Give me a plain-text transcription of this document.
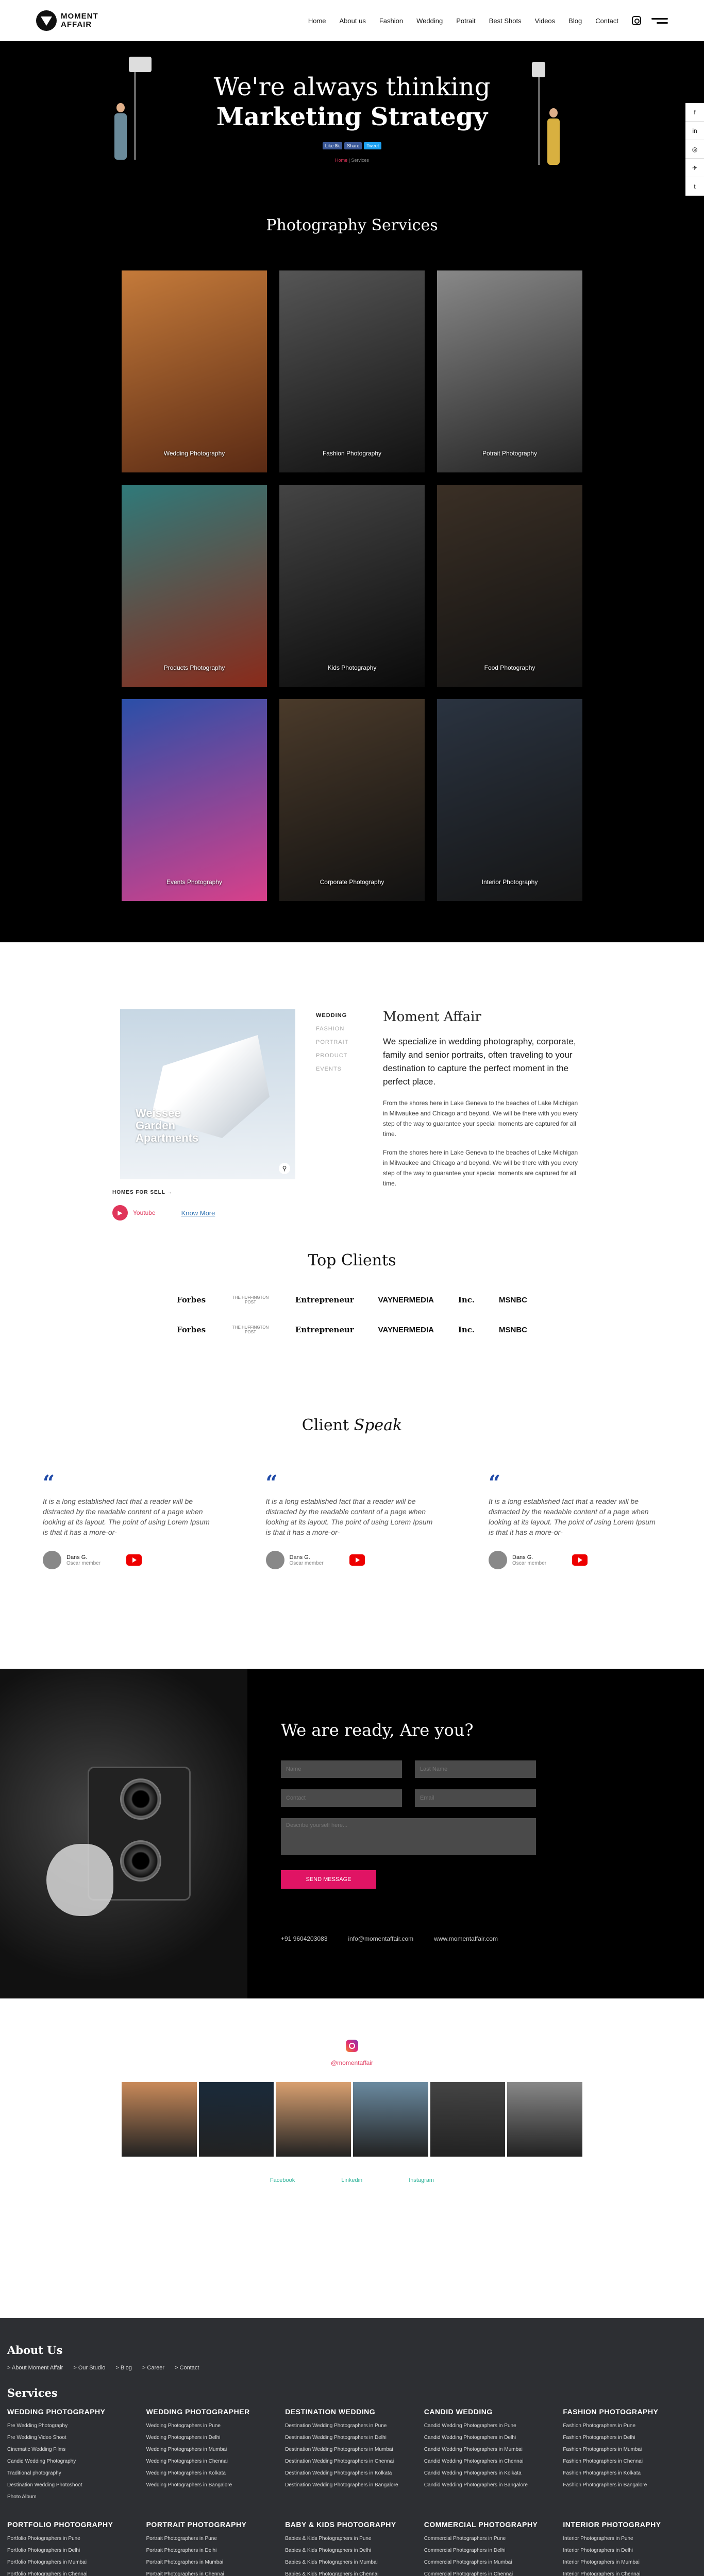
MOMENT
AFFAIR	Home About us Fashion Wedding Potrait Best Shots Videos Blog Contact
We're always thinking
Marketing Strategy
Like 8k	Share	Tweet
Home | Services
f
in
◎
✈
t
Photography Services
Wedding Photography	Fashion Photography	Potrait Photography
Products Photography	Kids Photography	Food Photography
Events Photography	Corporate Photography	Interior Photography
Weissee
Garden
Apartments
⚲
WEDDING
FASHION
PORTRAIT
PRODUCT
EVENTS
Moment Affair
We specialize in wedding photography, corporate, family and senior portraits, often traveling to your destination to capture the perfect moment in the perfect place.

From the shores here in Lake Geneva to the beaches of Lake Michigan in Milwaukee and Chicago and beyond. We will be there with you every step of the way to guarantee your special moments are captured for all time.

From the shores here in Lake Geneva to the beaches of Lake Michigan in Milwaukee and Chicago and beyond. We will be there with you every step of the way to guarantee your special moments are captured for all time.

HOMES FOR SELL →
▶	Youtube	Know More
Top Clients
Forbes	THE HUFFINGTON POST	Entrepreneur	VAYNERMEDIA	Inc.	MSNBC
Forbes	THE HUFFINGTON POST	Entrepreneur	VAYNERMEDIA	Inc.	MSNBC
Client Speak
“

It is a long established fact that a reader will be distracted by the readable content of a page when looking at its layout. The point of using Lorem Ipsum is that it has a more-or-

Dans G.
Oscar member
“

It is a long established fact that a reader will be distracted by the readable content of a page when looking at its layout. The point of using Lorem Ipsum is that it has a more-or-

Dans G.
Oscar member
“

It is a long established fact that a reader will be distracted by the readable content of a page when looking at its layout. The point of using Lorem Ipsum is that it has a more-or-

Dans G.
Oscar member
We are ready, Are you?
Name
Last Name
Contact
Email
Describe yourself here...
SEND MESSAGE
+91 9604203083	info@momentaffair.com	www.momentaffair.com
@momentaffair
Facebook	Linkedin	Instagram
About Us
> About Moment Affair	> Our Studio	> Blog	> Career	> Contact
Services
WEDDING PHOTOGRAPHY
Pre Wedding Photography
Pre Wedding Video Shoot
Cinematic Wedding Films
Candid Wedding Photography
Traditional photography
Destination Wedding Photoshoot
Photo Album
WEDDING PHOTOGRAPHER
Wedding Photographers in Pune
Wedding Photographers in Delhi
Wedding Photographers in Mumbai
Wedding Photographers in Chennai
Wedding Photographers in Kolkata
Wedding Photographers in Bangalore
DESTINATION WEDDING
Destination Wedding Photographers in Pune
Destination Wedding Photographers in Delhi
Destination Wedding Photographers in Mumbai
Destination Wedding Photographers in Chennai
Destination Wedding Photographers in Kolkata
Destination Wedding Photographers in Bangalore
CANDID WEDDING
Candid Wedding Photographers in Pune
Candid Wedding Photographers in Delhi
Candid Wedding Photographers in Mumbai
Candid Wedding Photographers in Chennai
Candid Wedding Photographers in Kolkata
Candid Wedding Photographers in Bangalore
FASHION PHOTOGRAPHY
Fashion Photographers in Pune
Fashion Photographers in Delhi
Fashion Photographers in Mumbai
Fashion Photographers in Chennai
Fashion Photographers in Kolkata
Fashion Photographers in Bangalore
PORTFOLIO PHOTOGRAPHY
Portfolio Photographers in Pune
Portfolio Photographers in Delhi
Portfolio Photographers in Mumbai
Portfolio Photographers in Chennai
PORTRAIT PHOTOGRAPHY
Portrait Photographers in Pune
Portrait Photographers in Delhi
Portrait Photographers in Mumbai
Portrait Photographers in Chennai
BABY & KIDS PHOTOGRAPHY
Babies & Kids Photographers in Pune
Babies & Kids Photographers in Delhi
Babies & Kids Photographers in Mumbai
Babies & Kids Photographers in Chennai
COMMERCIAL PHOTOGRAPHY
Commercial Photographers in Pune
Commercial Photographers in Delhi
Commercial Photographers in Mumbai
Commercial Photographers in Chennai
INTERIOR PHOTOGRAPHY
Interior Photographers in Pune
Interior Photographers in Delhi
Interior Photographers in Mumbai
Interior Photographers in Chennai
